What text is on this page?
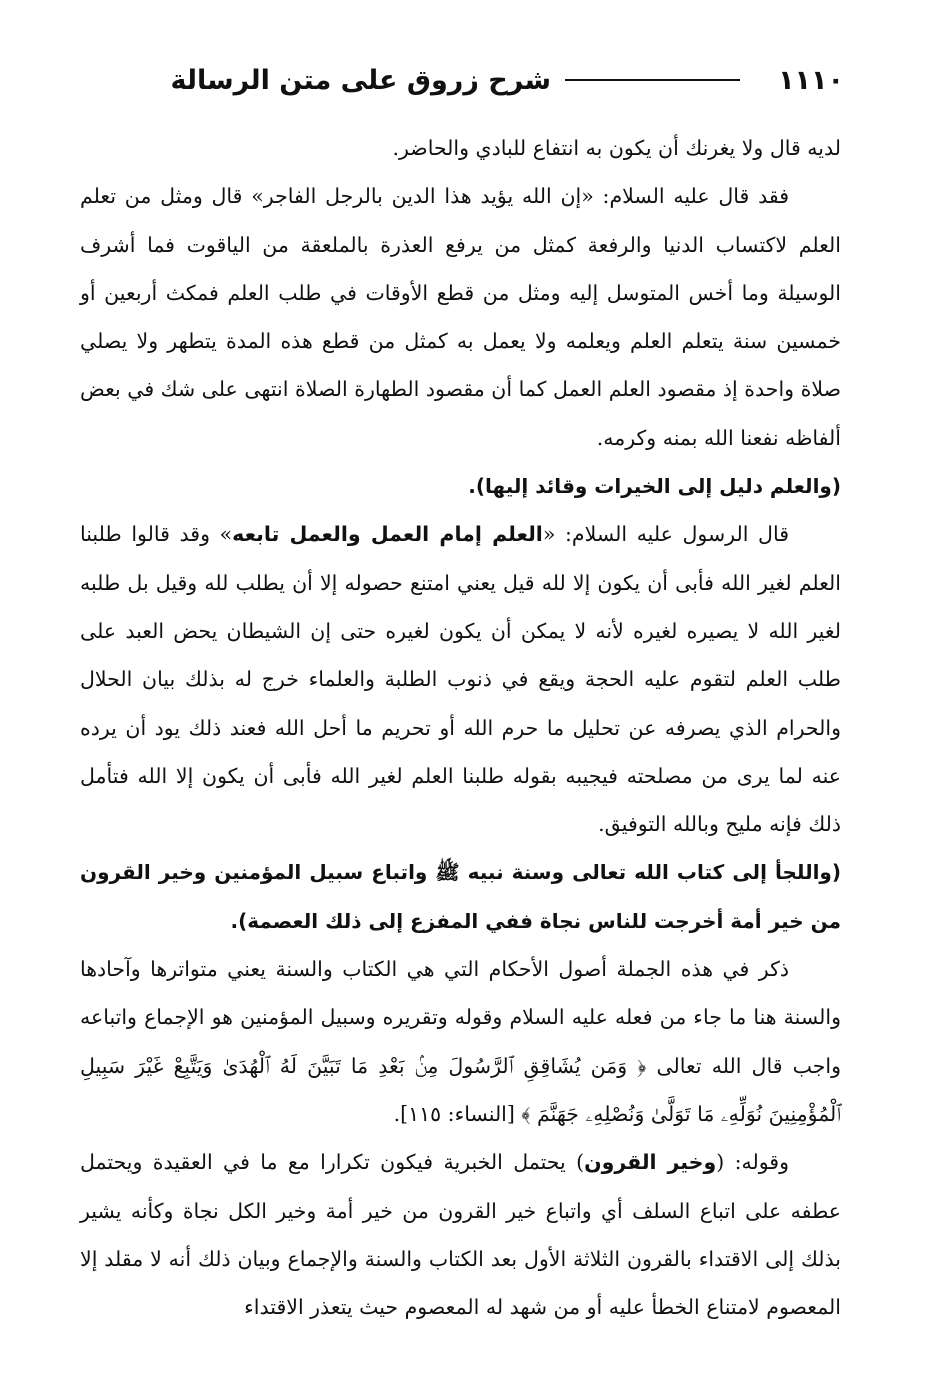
١١١٠
شرح زروق على متن الرسالة

لديه قال ولا يغرنك أن يكون به انتفاع للبادي والحاضر.

فقد قال عليه السلام: «إن الله يؤيد هذا الدين بالرجل الفاجر» قال ومثل من تعلم العلم لاكتساب الدنيا والرفعة كمثل من يرفع العذرة بالملعقة من الياقوت فما أشرف الوسيلة وما أخس المتوسل إليه ومثل من قطع الأوقات في طلب العلم فمكث أربعين أو خمسين سنة يتعلم العلم ويعلمه ولا يعمل به كمثل من قطع هذه المدة يتطهر ولا يصلي صلاة واحدة إذ مقصود العلم العمل كما أن مقصود الطهارة الصلاة انتهى على شك في بعض ألفاظه نفعنا الله بمنه وكرمه.

(والعلم دليل إلى الخيرات وقائد إليها).

قال الرسول عليه السلام: «العلم إمام العمل والعمل تابعه» وقد قالوا طلبنا العلم لغير الله فأبى أن يكون إلا لله قيل يعني امتنع حصوله إلا أن يطلب لله وقيل بل طلبه لغير الله لا يصيره لغيره لأنه لا يمكن أن يكون لغيره حتى إن الشيطان يحض العبد على طلب العلم لتقوم عليه الحجة ويقع في ذنوب الطلبة والعلماء خرج له بذلك بيان الحلال والحرام الذي يصرفه عن تحليل ما حرم الله أو تحريم ما أحل الله فعند ذلك يود أن يرده عنه لما يرى من مصلحته فيجيبه بقوله طلبنا العلم لغير الله فأبى أن يكون إلا الله فتأمل ذلك فإنه مليح وبالله التوفيق.

(واللجأ إلى كتاب الله تعالى وسنة نبيه ﷺ واتباع سبيل المؤمنين وخير القرون من خير أمة أخرجت للناس نجاة ففي المفزع إلى ذلك العصمة).

ذكر في هذه الجملة أصول الأحكام التي هي الكتاب والسنة يعني متواترها وآحادها والسنة هنا ما جاء من فعله عليه السلام وقوله وتقريره وسبيل المؤمنين هو الإجماع واتباعه واجب قال الله تعالى ﴿ وَمَن يُشَاقِقِ ٱلرَّسُولَ مِنۢ بَعْدِ مَا تَبَيَّنَ لَهُ ٱلْهُدَىٰ وَيَتَّبِعْ غَيْرَ سَبِيلِ ٱلْمُؤْمِنِينَ نُوَلِّهِۦ مَا تَوَلَّىٰ وَنُصْلِهِۦ جَهَنَّمَ ﴾ [النساء: ١١٥].

وقوله: (وخير القرون) يحتمل الخبرية فيكون تكرارا مع ما في العقيدة ويحتمل عطفه على اتباع السلف أي واتباع خير القرون من خير أمة وخير الكل نجاة وكأنه يشير بذلك إلى الاقتداء بالقرون الثلاثة الأول بعد الكتاب والسنة والإجماع وبيان ذلك أنه لا مقلد إلا المعصوم لامتناع الخطأ عليه أو من شهد له المعصوم حيث يتعذر الاقتداء
